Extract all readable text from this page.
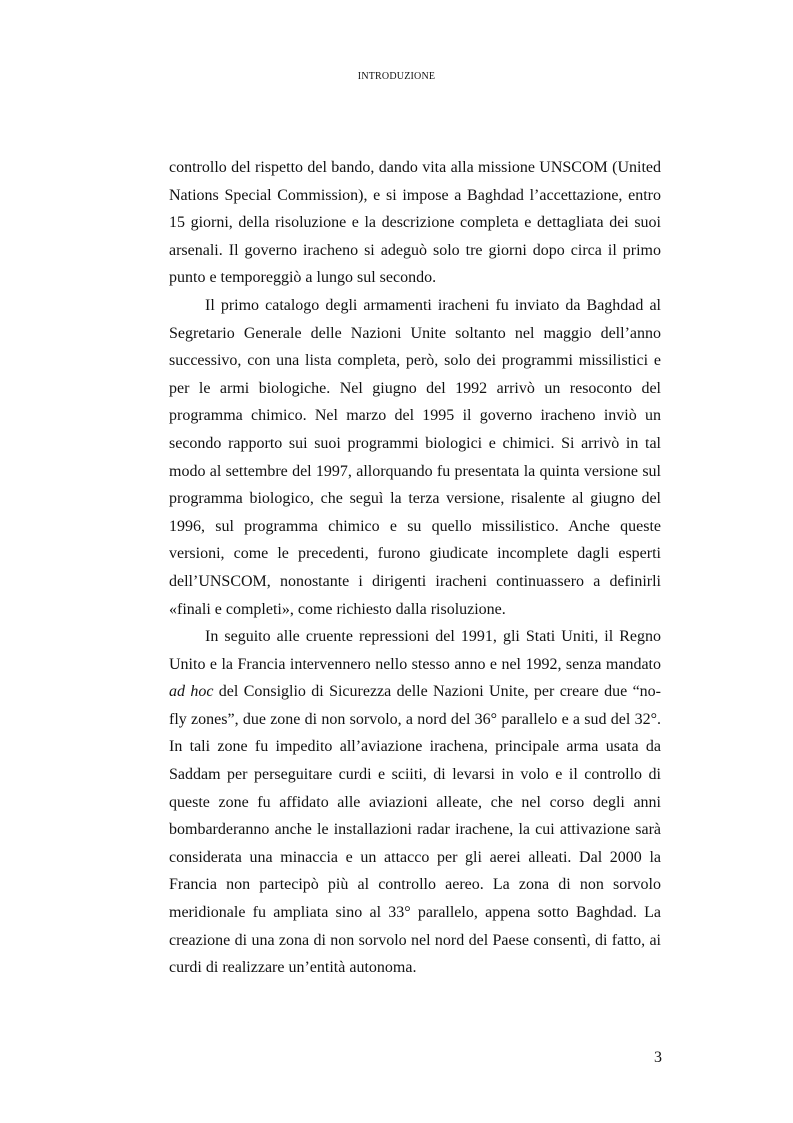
INTRODUZIONE

controllo del rispetto del bando, dando vita alla missione UNSCOM (United Nations Special Commission), e si impose a Baghdad l’accettazione, entro 15 giorni, della risoluzione e la descrizione completa e dettagliata dei suoi arsenali. Il governo iracheno si adeguò solo tre giorni dopo circa il primo punto e temporeggiò a lungo sul secondo.

Il primo catalogo degli armamenti iracheni fu inviato da Baghdad al Segretario Generale delle Nazioni Unite soltanto nel maggio dell’anno successivo, con una lista completa, però, solo dei programmi missilistici e per le armi biologiche. Nel giugno del 1992 arrivò un resoconto del programma chimico. Nel marzo del 1995 il governo iracheno inviò un secondo rapporto sui suoi programmi biologici e chimici. Si arrivò in tal modo al settembre del 1997, allorquando fu presentata la quinta versione sul programma biologico, che seguì la terza versione, risalente al giugno del 1996, sul programma chimico e su quello missilistico. Anche queste versioni, come le precedenti, furono giudicate incomplete dagli esperti dell’UNSCOM, nonostante i dirigenti iracheni continuassero a definirli «finali e completi», come richiesto dalla risoluzione.

In seguito alle cruente repressioni del 1991, gli Stati Uniti, il Regno Unito e la Francia intervennero nello stesso anno e nel 1992, senza mandato ad hoc del Consiglio di Sicurezza delle Nazioni Unite, per creare due “no-fly zones”, due zone di non sorvolo, a nord del 36° parallelo e a sud del 32°. In tali zone fu impedito all’aviazione irachena, principale arma usata da Saddam per perseguitare curdi e sciiti, di levarsi in volo e il controllo di queste zone fu affidato alle aviazioni alleate, che nel corso degli anni bombarderanno anche le installazioni radar irachene, la cui attivazione sarà considerata una minaccia e un attacco per gli aerei alleati. Dal 2000 la Francia non partecipò più al controllo aereo. La zona di non sorvolo meridionale fu ampliata sino al 33° parallelo, appena sotto Baghdad. La creazione di una zona di non sorvolo nel nord del Paese consentì, di fatto, ai curdi di realizzare un’entità autonoma.

3
